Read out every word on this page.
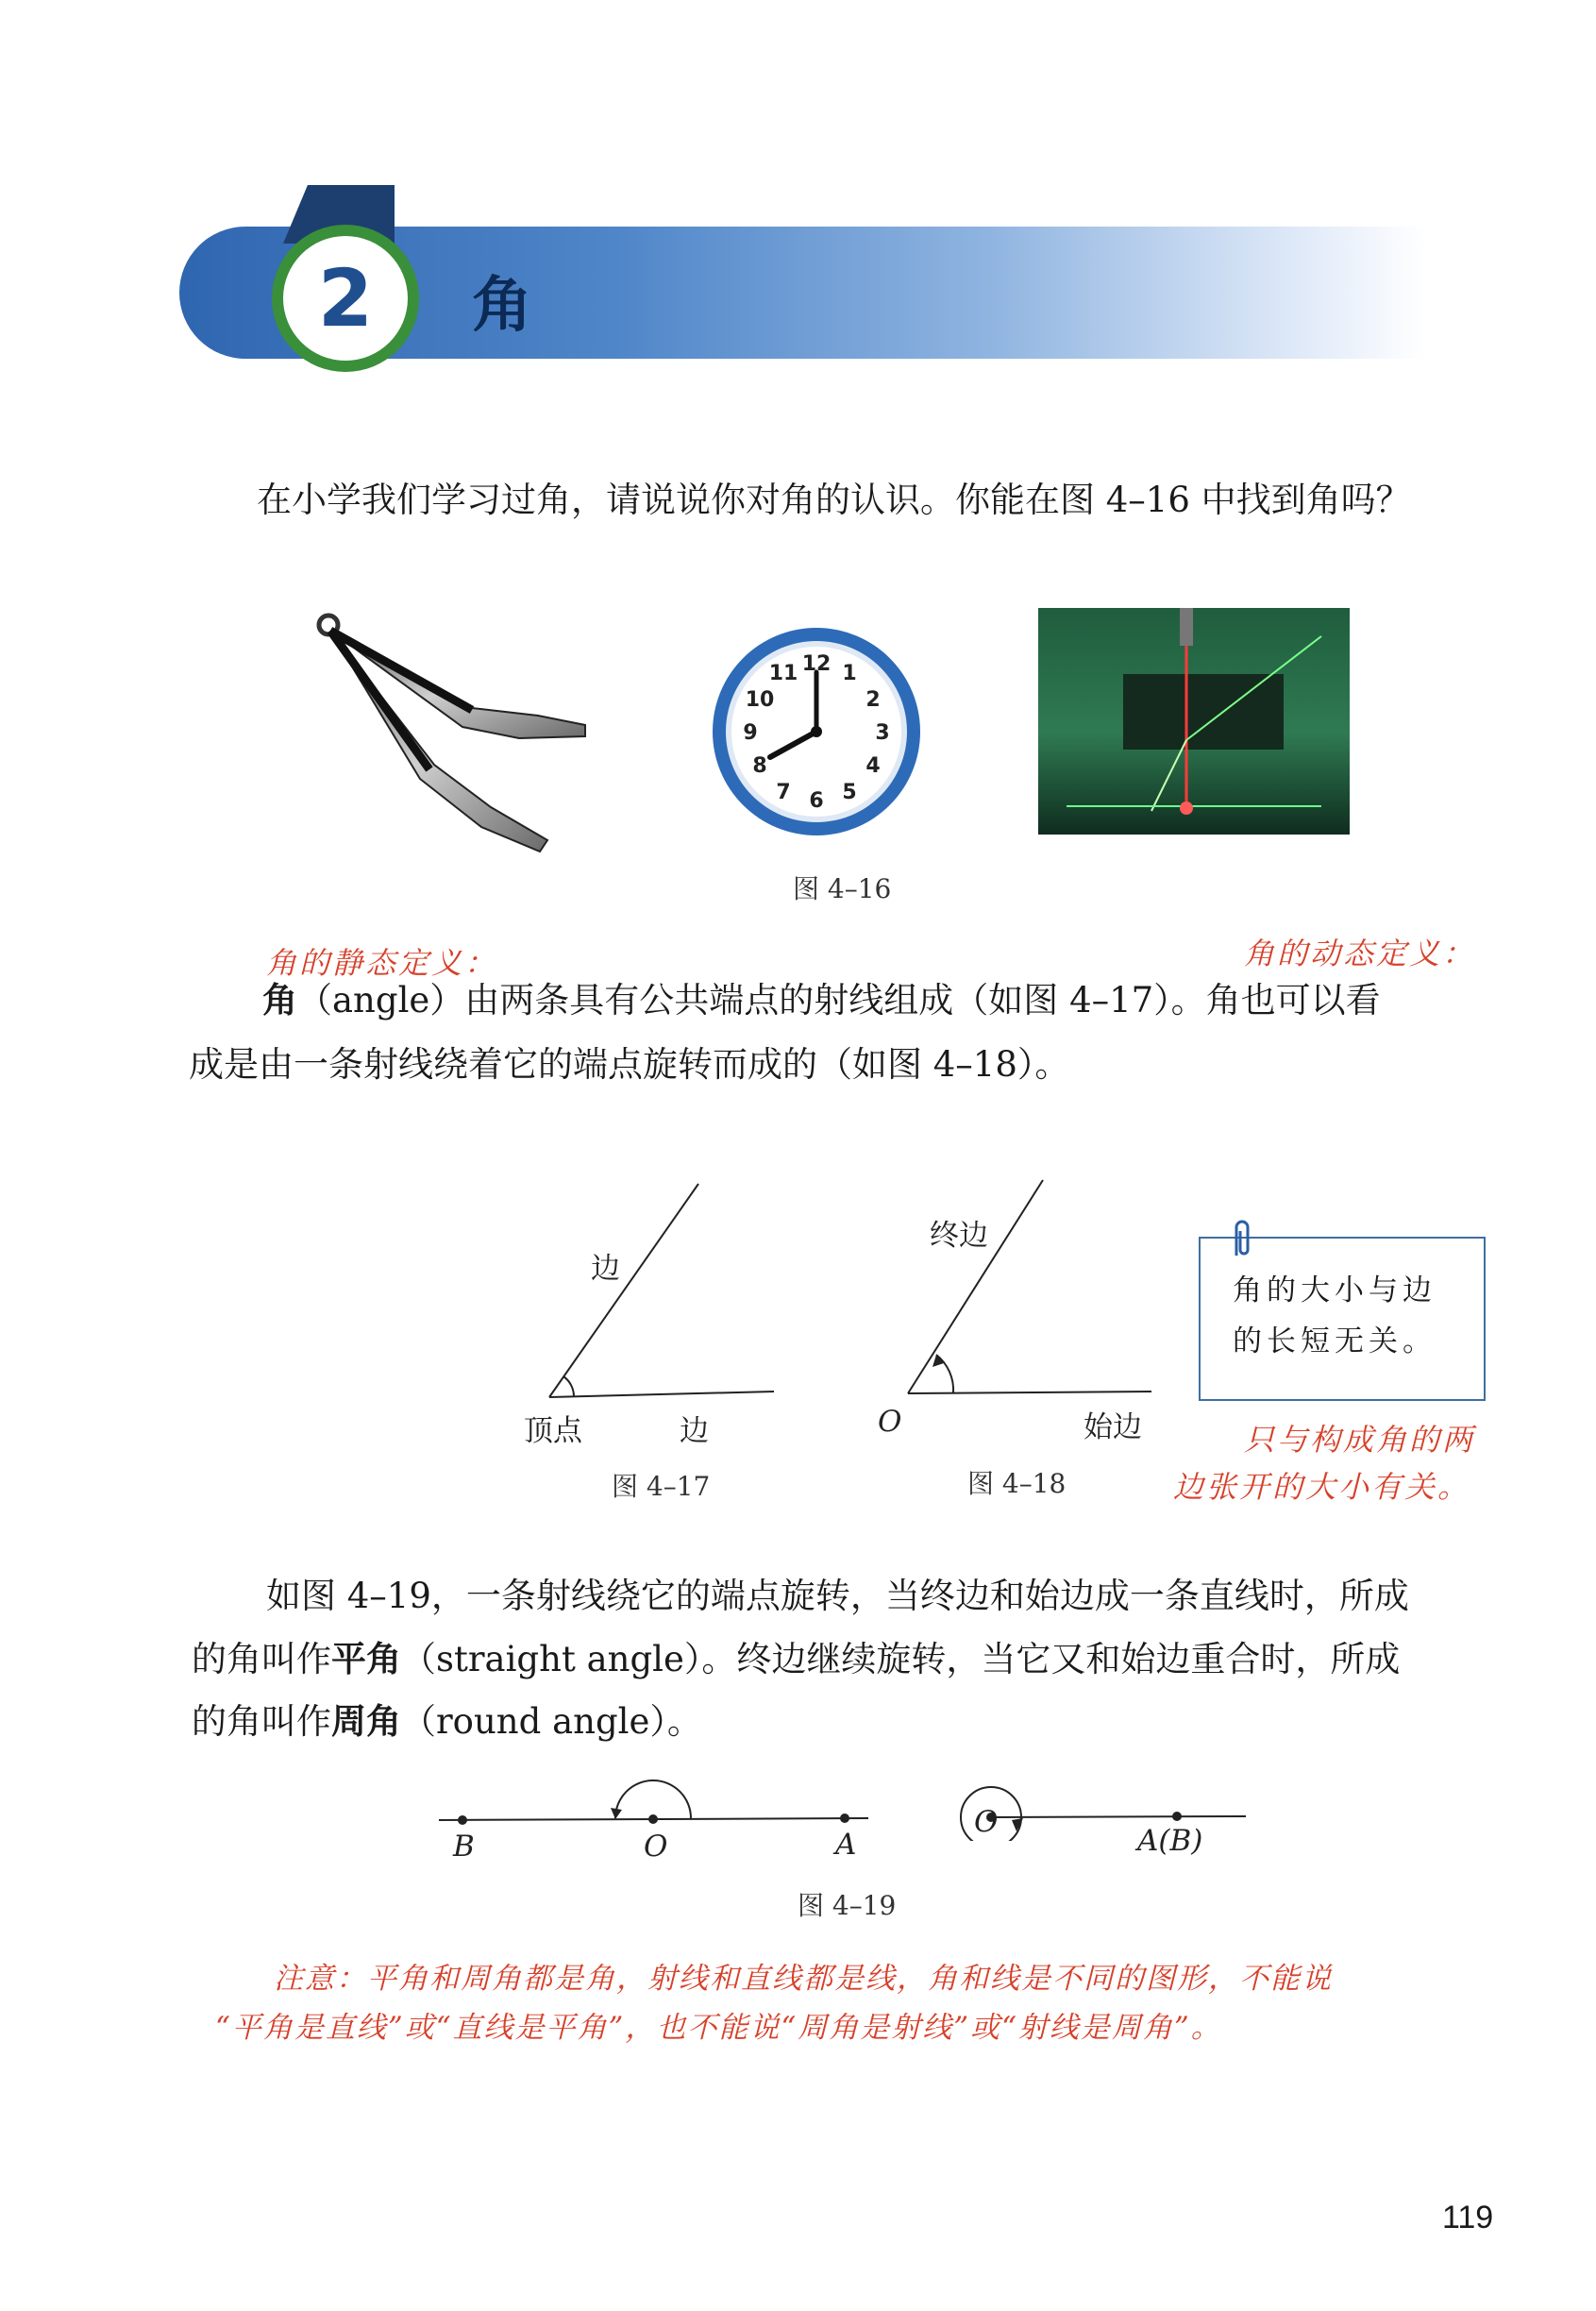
2	角
在小学我们学习过角，请说说你对角的认识。你能在图 4–16 中找到角吗？
12 1
2
3
4
5
6
7
8
9
10
11
图 4–16
角的静态定义：	角的动态定义：
角（angle）由两条具有公共端点的射线组成（如图 4–17）。角也可以看
成是由一条射线绕着它的端点旋转而成的（如图 4–18）。
边
顶点	边
图 4–17
终边
O	始边
图 4–18
角的大小与边
的长短无关。
只与构成角的两
边张开的大小有关。
如图 4–19，一条射线绕它的端点旋转，当终边和始边成一条直线时，所成
的角叫作平角（straight angle）。终边继续旋转，当它又和始边重合时，所成
的角叫作周角（round angle）。
B	O	A
O
A(B)
图 4–19
注意：平角和周角都是角，射线和直线都是线，角和线是不同的图形，不能说
“平角是直线”或“直线是平角”，也不能说“周角是射线”或“射线是周角”。
119
